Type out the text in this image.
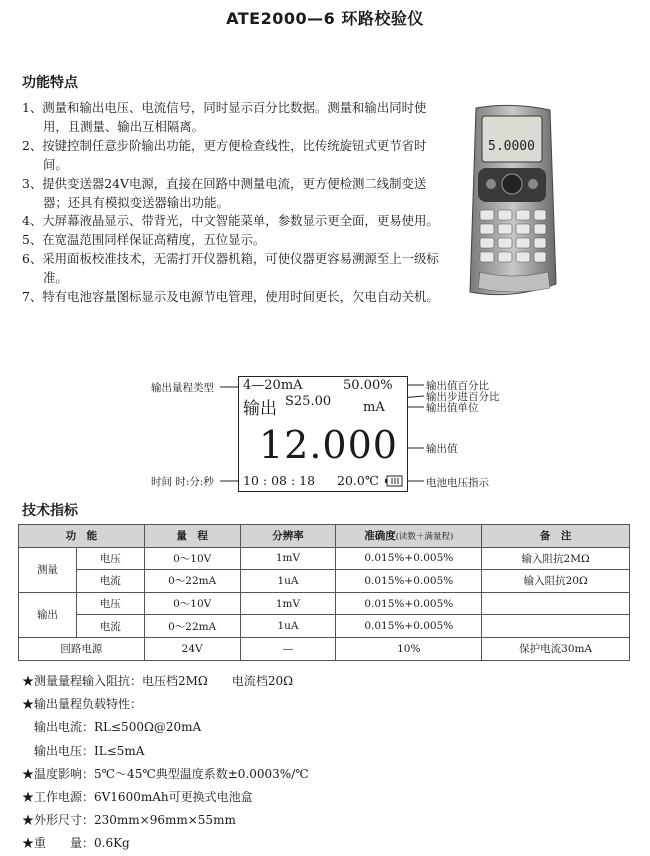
ATE2000—6 环路校验仪
功能特点

1、测量和输出电压、电流信号，同时显示百分比数据。测量和输出同时使用，且测量、输出互相隔离。

2、按键控制任意步阶输出功能，更方便检查线性，比传统旋钮式更节省时间。

3、提供变送器24V电源，直接在回路中测量电流，更方便检测二线制变送器；还具有模拟变送器输出功能。

4、大屏幕液晶显示、带背光，中文智能菜单，参数显示更全面，更易使用。

5、在宽温范围同样保证高精度，五位显示。

6、采用面板校准技术，无需打开仪器机箱，可使仪器更容易溯源至上一级标准。

7、特有电池容量图标显示及电源节电管理，使用时间更长，欠电自动关机。

5.0000
输出量程类型
时间 时:分:秒
输出值百分比
输出步进百分比
输出值单位
输出值
电池电压指示
4—20mA	50.00%
输出 S25.00 mA
12.000
10 : 08 : 18 20.0℃
技术指标
功　能		量　程	分辨率	准确度(读数＋满量程)	备　注
测量	电压	0～10V	1mV	0.015%+0.005%	输入阻抗2MΩ
	电流	0～22mA	1uA	0.015%+0.005%	输入阻抗20Ω
输出	电压	0～10V	1mV	0.015%+0.005%	
	电流	0～22mA	1uA	0.015%+0.005%	
回路电源		24V	—	10%	保护电流30mA
★测量量程输入阻抗：电压档2MΩ　　电流档20Ω
★输出量程负载特性：
输出电流：RL≤500Ω@20mA
输出电压：IL≤5mA
★温度影响：5℃～45℃典型温度系数±0.0003%/℃
★工作电源：6V1600mAh可更换式电池盒
★外形尺寸：230mm×96mm×55mm
★重　　量：0.6Kg
